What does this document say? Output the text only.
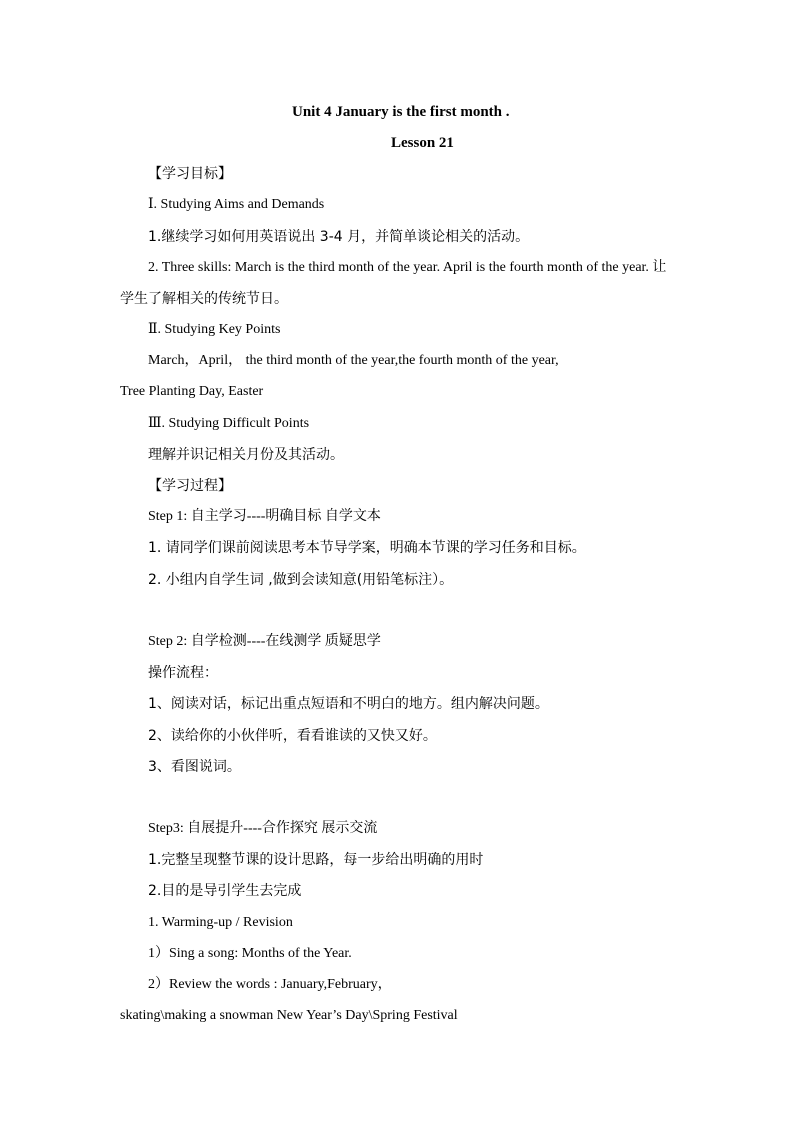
Unit 4 January is the first month .
Lesson 21
【学习目标】
Ⅰ. Studying Aims and Demands
1.继续学习如何用英语说出 3-4 月，并简单谈论相关的活动。
2. Three skills: March is the third month of the year. April is the fourth month of the year. 让
学生了解相关的传统节日。
Ⅱ. Studying Key Points
March，April， the third month of the year,the fourth month of the year,
Tree Planting Day, Easter
Ⅲ. Studying Difficult Points
理解并识记相关月份及其活动。
【学习过程】
Step 1: 自主学习----明确目标 自学文本
1. 请同学们课前阅读思考本节导学案，明确本节课的学习任务和目标。
2. 小组内自学生词 ,做到会读知意(用铅笔标注）。
Step 2: 自学检测----在线测学 质疑思学
操作流程：
1、阅读对话，标记出重点短语和不明白的地方。组内解决问题。
2、读给你的小伙伴听，看看谁读的又快又好。
3、看图说词。
Step3: 自展提升----合作探究 展示交流
1.完整呈现整节课的设计思路，每一步给出明确的用时
2.目的是导引学生去完成
1. Warming-up / Revision
1）Sing a song: Months of the Year.
2）Review the words : January,February，
skating\making a snowman New Year’s Day\Spring Festival
